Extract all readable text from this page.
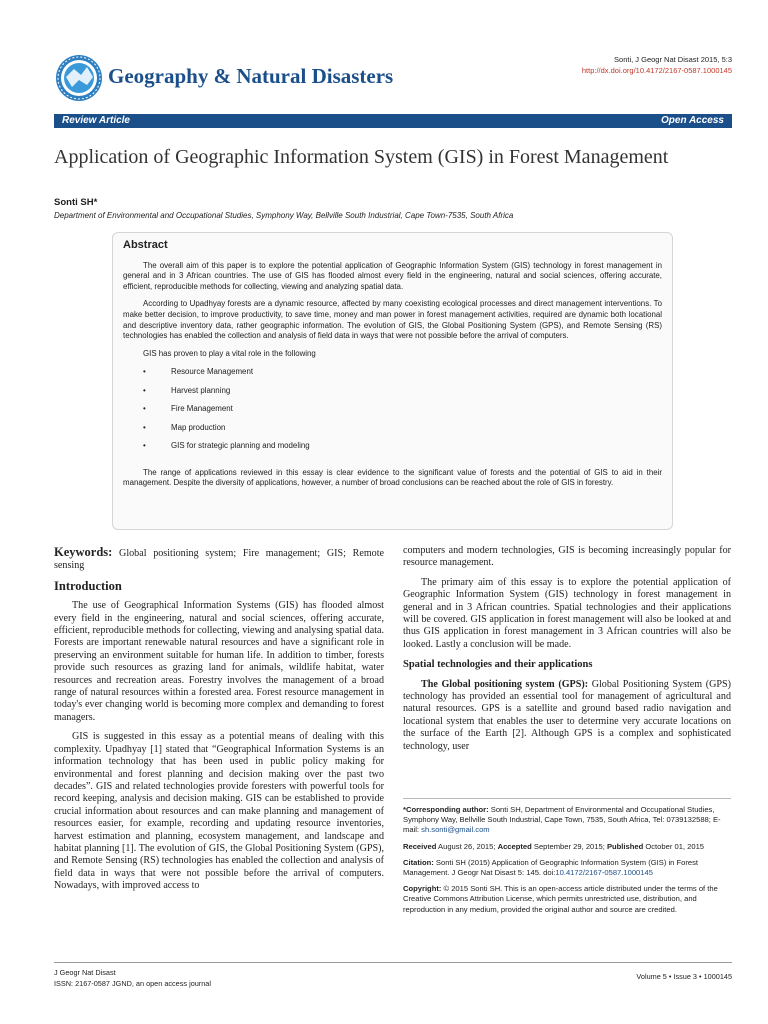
Geography & Natural Disasters
Sonti, J Geogr Nat Disast 2015, 5:3
http://dx.doi.org/10.4172/2167-0587.1000145
Review Article	Open Access
Application of Geographic Information System (GIS) in Forest Management
Sonti SH*
Department of Environmental and Occupational Studies, Symphony Way, Bellville South Industrial, Cape Town-7535, South Africa
Abstract

The overall aim of this paper is to explore the potential application of Geographic Information System (GIS) technology in forest management in general and in 3 African countries. The use of GIS has flooded almost every field in the engineering, natural and social sciences, offering accurate, efficient, reproducible methods for collecting, viewing and analyzing spatial data.

According to Upadhyay forests are a dynamic resource, affected by many coexisting ecological processes and direct management interventions. To make better decision, to improve productivity, to save time, money and man power in forest management activities, required are dynamic both locational and descriptive inventory data, rather geographic information. The evolution of GIS, the Global Positioning System (GPS), and Remote Sensing (RS) technologies has enabled the collection and analysis of field data in ways that were not possible before the arrival of computers.

GIS has proven to play a vital role in the following

• Resource Management
• Harvest planning
• Fire Management
• Map production
• GIS for strategic planning and modeling

The range of applications reviewed in this essay is clear evidence to the significant value of forests and the potential of GIS to aid in their management. Despite the diversity of applications, however, a number of broad conclusions can be reached about the role of GIS in forestry.

Keywords: Global positioning system; Fire management; GIS; Remote sensing

Introduction

The use of Geographical Information Systems (GIS) has flooded almost every field in the engineering, natural and social sciences, offering accurate, efficient, reproducible methods for collecting, viewing and analysing spatial data. Forests are important renewable natural resources and have a significant role in preserving an environment suitable for human life. In addition to timber, forests provide such resources as grazing land for animals, wildlife habitat, water resources and recreation areas. Forestry involves the management of a broad range of natural resources within a forested area. Forest resource management in today's ever changing world is becoming more complex and demanding to forest managers.

GIS is suggested in this essay as a potential means of dealing with this complexity. Upadhyay [1] stated that “Geographical Information Systems is an information technology that has been used in public policy making for environmental and forest planning and decision making over the past two decades”. GIS and related technologies provide foresters with powerful tools for record keeping, analysis and decision making. GIS can be established to provide crucial information about resources and can make planning and management of resources easier, for example, recording and updating resource inventories, harvest estimation and planning, ecosystem management, and landscape and habitat planning [1]. The evolution of GIS, the Global Positioning System (GPS), and Remote Sensing (RS) technologies has enabled the collection and analysis of field data in ways that were not possible before the arrival of computers. Nowadays, with improved access to

computers and modern technologies, GIS is becoming increasingly popular for resource management.

The primary aim of this essay is to explore the potential application of Geographic Information System (GIS) technology in forest management in general and in 3 African countries. Spatial technologies and their applications will be covered. GIS application in forest management will also be looked at and thus GIS application in forest management in 3 African countries will also be looked. Lastly a conclusion will be made.

Spatial technologies and their applications

The Global positioning system (GPS): Global Positioning System (GPS) technology has provided an essential tool for management of agricultural and natural resources. GPS is a satellite and ground based radio navigation and locational system that enables the user to determine very accurate locations on the surface of the Earth [2]. Although GPS is a complex and sophisticated technology, user

*Corresponding author: Sonti SH, Department of Environmental and Occupational Studies, Symphony Way, Bellville South Industrial, Cape Town, 7535, South Africa, Tel: 0739132588; E-mail: sh.sonti@gmail.com

Received August 26, 2015; Accepted September 29, 2015; Published October 01, 2015

Citation: Sonti SH (2015) Application of Geographic Information System (GIS) in Forest Management. J Geogr Nat Disast 5: 145. doi:10.4172/2167-0587.1000145

Copyright: © 2015 Sonti SH. This is an open-access article distributed under the terms of the Creative Commons Attribution License, which permits unrestricted use, distribution, and reproduction in any medium, provided the original author and source are credited.

J Geogr Nat Disast
ISSN: 2167-0587 JGND, an open access journal
Volume 5 • Issue 3 • 1000145
